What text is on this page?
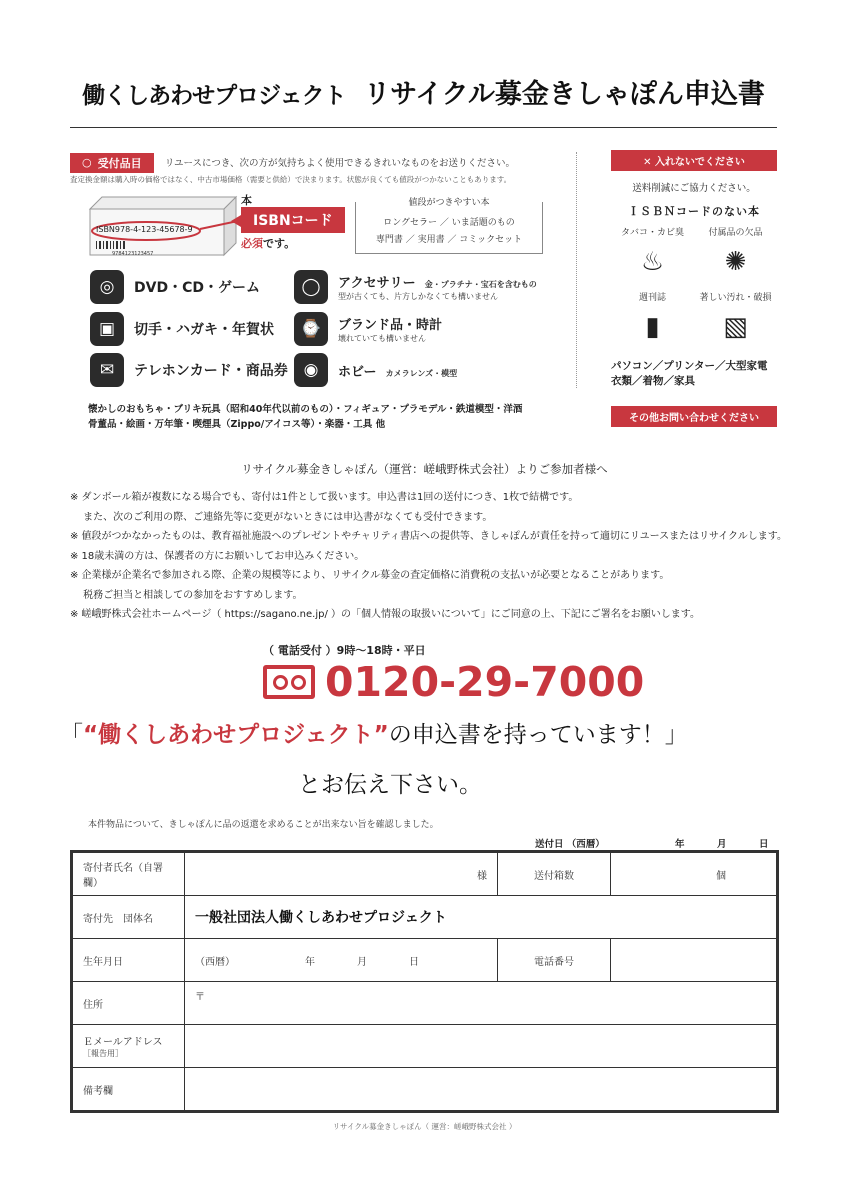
働くしあわせプロジェクト リサイクル募金きしゃぽん申込書
○ 受付品目 リユースにつき、次の方が気持ちよく使用できるきれいなものをお送りください。
査定換金額は購入時の価格ではなく、中古市場価格（需要と供給）で決まります。状態が良くても値段がつかないこともあります。
ISBN978-4-123-45678-9
9784123123457
本
ISBNコード
必須です。
値段がつきやすい本
ロングセラー ／ いま話題のもの
専門書 ／ 実用書 ／ コミックセット
◎	DVD・CD・ゲーム
▣	切手・ハガキ・年賀状
✉	テレホンカード・商品券
◯	アクセサリー 金・プラチナ・宝石を含むもの
型が古くても、片方しかなくても構いません
⌚	ブランド品・時計
壊れていても構いません
◉	ホビー カメラレンズ・模型
懐かしのおもちゃ・ブリキ玩具（昭和40年代以前のもの）・フィギュア・プラモデル・鉄道模型・洋酒
骨董品・絵画・万年筆・喫煙具（Zippo/アイコス等）・楽器・工具 他
✕ 入れないでください
送料削減にご協力ください。
ＩＳＢＮコードのない本
タバコ・カビ臭
♨
付属品の欠品
✺
週刊誌
▮
著しい汚れ・破損
▧
パソコン／プリンター／大型家電
衣類／着物／家具
その他お問い合わせください
リサイクル募金きしゃぽん（運営：嵯峨野株式会社）よりご参加者様へ

※ ダンボール箱が複数になる場合でも、寄付は1件として扱います。申込書は1回の送付につき、1枚で結構です。

　 また、次のご利用の際、ご連絡先等に変更がないときには申込書がなくても受付できます。

※ 値段がつかなかったものは、教育福祉施設へのプレゼントやチャリティ書店への提供等、きしゃぽんが責任を持って適切にリユースまたはリサイクルします。

※ 18歳未満の方は、保護者の方にお願いしてお申込みください。

※ 企業様が企業名で参加される際、企業の規模等により、リサイクル募金の査定価格に消費税の支払いが必要となることがあります。

　 税務ご担当と相談しての参加をおすすめします。

※ 嵯峨野株式会社ホームページ（ https://sagano.ne.jp/ ）の「個人情報の取扱いについて」にご同意の上、下記にご署名をお願いします。

（ 電話受付 ）9時〜18時・平日
0120-29-7000
「“働くしあわせプロジェクト”の申込書を持っています！」
とお伝え下さい。
本件物品について、きしゃぽんに品の返還を求めることが出来ない旨を確認しました。
送付日 （西暦）	年	月	日
寄付者氏名（自署欄）	様	送付箱数	個
寄付先　団体名	一般社団法人働くしあわせプロジェクト		
生年月日	（西暦） 年 月 日	電話番号	
住所	〒		

Ｅメールアドレス
［報告用］			

備考欄			
リサイクル募金きしゃぽん（ 運営：嵯峨野株式会社 ）
